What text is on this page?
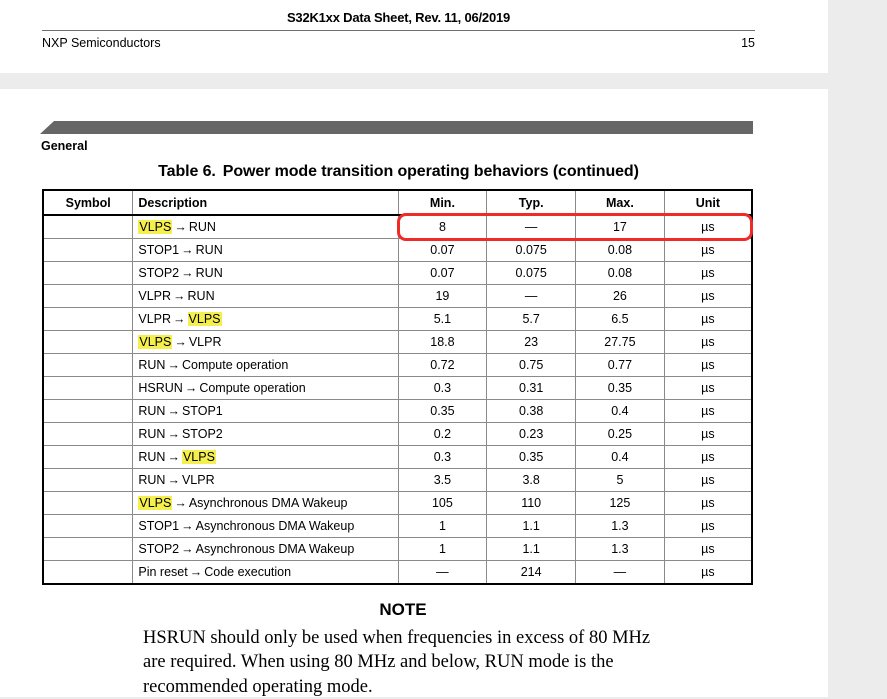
S32K1xx Data Sheet, Rev. 11, 06/2019
NXP Semiconductors	15
General
Table 6. Power mode transition operating behaviors (continued)
Symbol	Description	Min.	Typ.	Max.	Unit
	VLPS → RUN	8	—	17	µs
	STOP1 → RUN	0.07	0.075	0.08	µs
	STOP2 → RUN	0.07	0.075	0.08	µs
	VLPR → RUN	19	—	26	µs
	VLPR → VLPS	5.1	5.7	6.5	µs
	VLPS → VLPR	18.8	23	27.75	µs
	RUN → Compute operation	0.72	0.75	0.77	µs
	HSRUN → Compute operation	0.3	0.31	0.35	µs
	RUN → STOP1	0.35	0.38	0.4	µs
	RUN → STOP2	0.2	0.23	0.25	µs
	RUN → VLPS	0.3	0.35	0.4	µs
	RUN → VLPR	3.5	3.8	5	µs
	VLPS → Asynchronous DMA Wakeup	105	110	125	µs
	STOP1 → Asynchronous DMA Wakeup	1	1.1	1.3	µs
	STOP2 → Asynchronous DMA Wakeup	1	1.1	1.3	µs
	Pin reset → Code execution	—	214	—	µs
NOTE
HSRUN should only be used when frequencies in excess of 80 MHz are required. When using 80 MHz and below, RUN mode is the recommended operating mode.
